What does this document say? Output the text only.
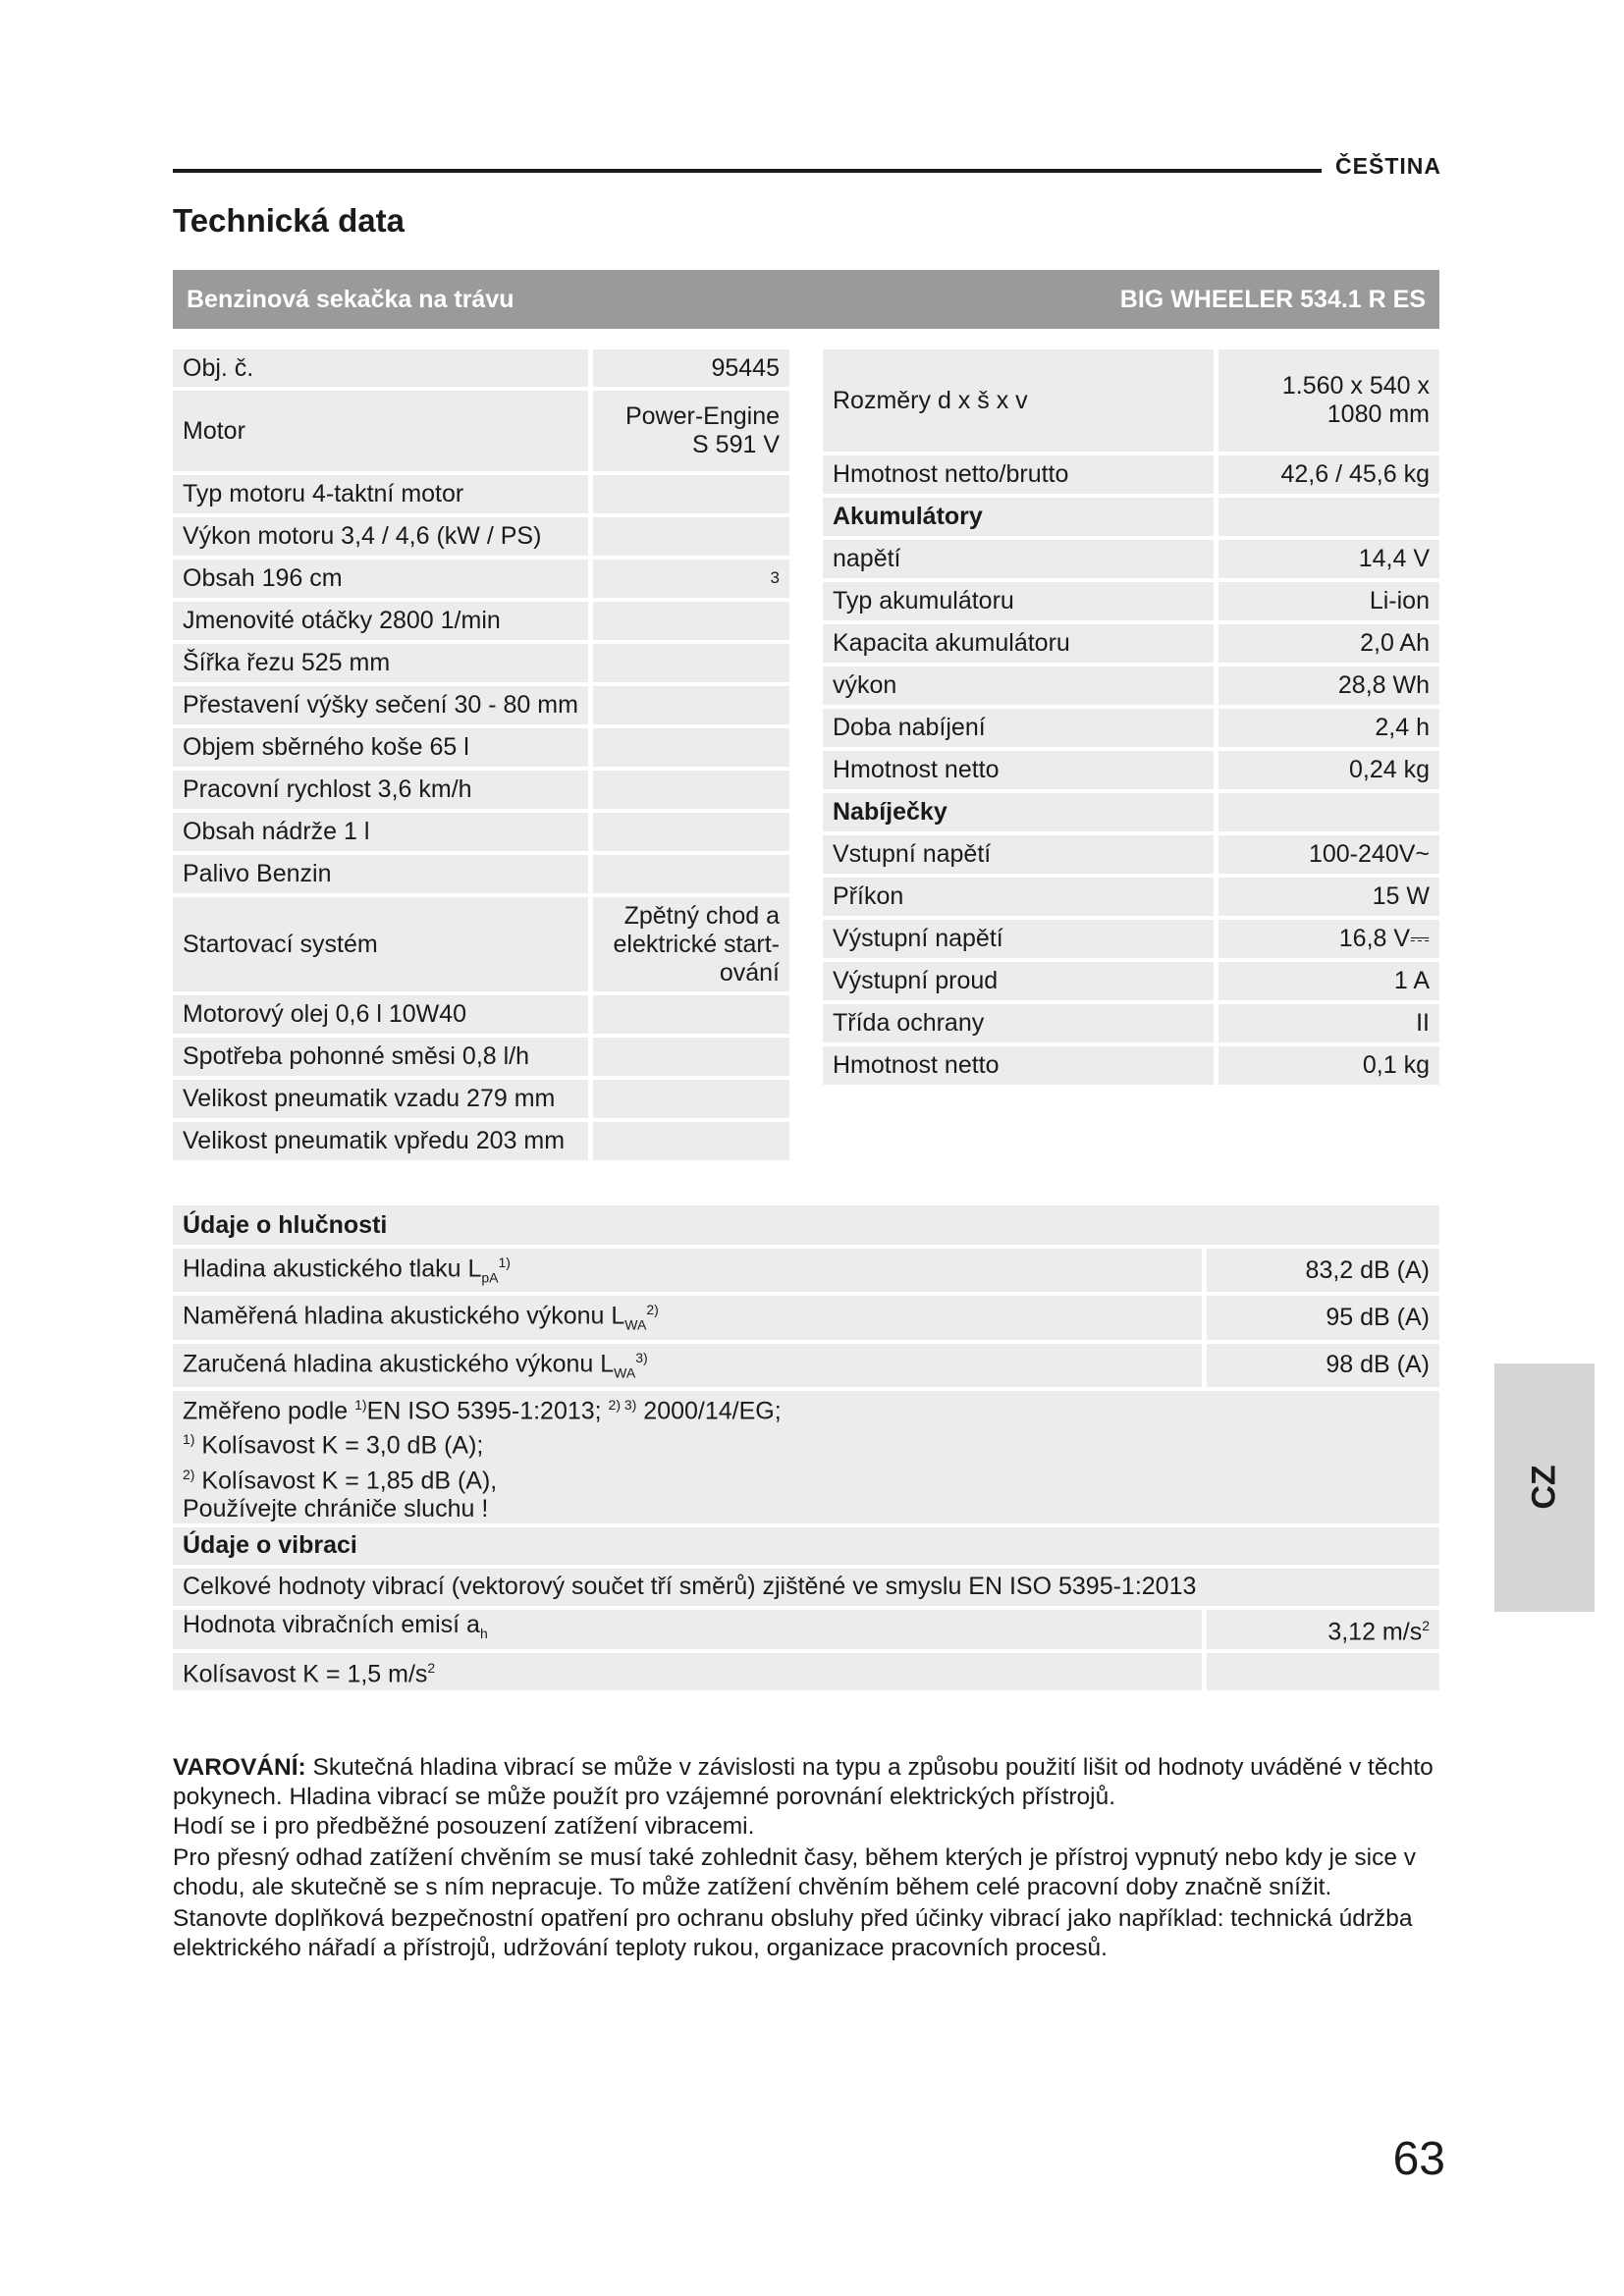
ČEŠTINA
Technická data
Benzinová sekačka na trávu	BIG WHEELER 534.1 R ES
Obj. č.	95445
Motor	Power-Engine S 591 V
Typ motoru 4-taktní motor	
Výkon motoru 3,4 / 4,6 (kW / PS)	
Obsah 196 cm	3
Jmenovité otáčky 2800 1/min	
Šířka řezu 525 mm	
Přestavení výšky sečení 30 - 80 mm	
Objem sběrného koše 65 l	
Pracovní rychlost 3,6 km/h	
Obsah nádrže 1 l	
Palivo Benzin	
Startovací systém	Zpětný chod a elektrické start-ování
Motorový olej 0,6 l 10W40	
Spotřeba pohonné směsi 0,8 l/h	
Velikost pneumatik vzadu 279 mm	
Velikost pneumatik vpředu 203 mm	
Rozměry d x š x v	1.560 x 540 x 1080 mm
Hmotnost netto/brutto	42,6 / 45,6 kg
Akumulátory	
napětí	14,4 V
Typ akumulátoru	Li-ion
Kapacita akumulátoru	2,0 Ah
výkon	28,8 Wh
Doba nabíjení	2,4 h
Hmotnost netto	0,24 kg
Nabíječky	
Vstupní napětí	100-240V~
Příkon	15 W
Výstupní napětí	16,8 V⎓
Výstupní proud	1 A
Třída ochrany	II
Hmotnost netto	0,1 kg
Údaje o hlučnosti	
Hladina akustického tlaku $L_{pA}^{1)}$	83,2 dB (A)
Naměřená hladina akustického výkonu $L_{WA}^{2)}$	95 dB (A)
Zaručená hladina akustického výkonu $L_{WA}^{3)}$	98 dB (A)

Změřeno podle $^{1)}$EN ISO 5395-1:2013; $^{2) 3)}$ 2000/14/EG;
$^{1)}$ Kolísavost K = 3,0 dB (A);
$^{2)}$ Kolísavost K = 1,85 dB (A),
Používejte chrániče sluchu !	

Údaje o vibraci	
Celkové hodnoty vibrací (vektorový součet tří směrů) zjištěné ve smyslu EN ISO 5395-1:2013	
Hodnota vibračních emisí $a_h$	3,12 $m/s^2$
Kolísavost K = 1,5 $m/s^2$	

VAROVÁNÍ: Skutečná hladina vibrací se může v závislosti na typu a způsobu použití lišit od hodnoty uváděné v těchto pokynech. Hladina vibrací se může použít pro vzájemné porovnání elektrických přístrojů.
Hodí se i pro předběžné posouzení zatížení vibracemi.

Pro přesný odhad zatížení chvěním se musí také zohlednit časy, během kterých je přístroj vypnutý nebo kdy je sice v chodu, ale skutečně se s ním nepracuje. To může zatížení chvěním během celé pracovní doby značně snížit.

Stanovte doplňková bezpečnostní opatření pro ochranu obsluhy před účinky vibrací jako například: technická údržba elektrického nářadí a přístrojů, udržování teploty rukou, organizace pracovních procesů.

CZ
63
